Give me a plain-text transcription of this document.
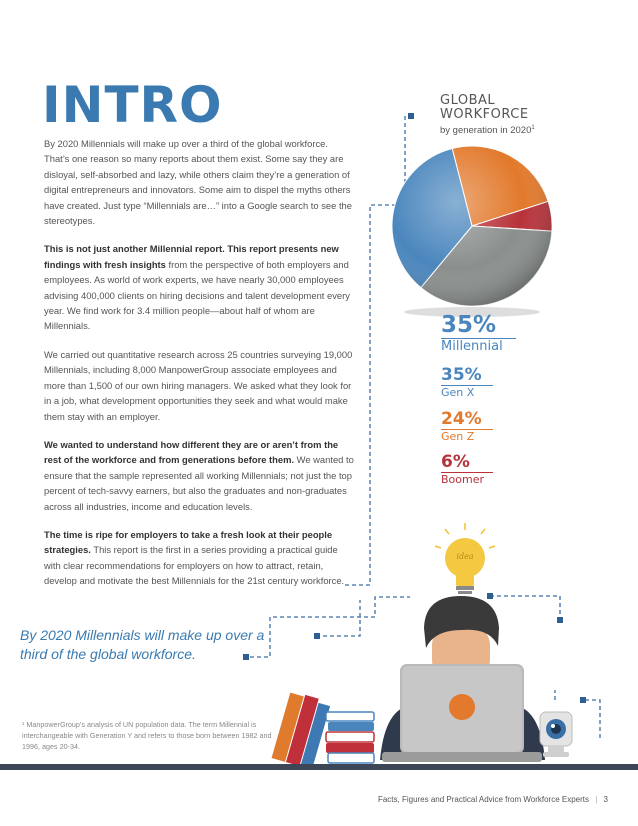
INTRO

By 2020 Millennials will make up over a third of the global workforce. That’s one reason so many reports about them exist. Some say they are disloyal, self-absorbed and lazy, while others claim they’re a generation of digital entrepreneurs and innovators. Some aim to dispel the myths others have created. Just type “Millennials are…” into a Google search to see the stereotypes.

This is not just another Millennial report. This report presents new findings with fresh insights from the perspective of both employers and employees. As world of work experts, we have nearly 30,000 employees advising 400,000 clients on hiring decisions and talent development every year. We find work for 3.4 million people—about half of whom are Millennials.

We carried out quantitative research across 25 countries surveying 19,000 Millennials, including 8,000 ManpowerGroup associate employees and more than 1,500 of our own hiring managers. We asked what they look for in a job, what development opportunities they seek and what would make them stay with an employer.

We wanted to understand how different they are or aren’t from the rest of the workforce and from generations before them. We wanted to ensure that the sample represented all working Millennials; not just the top percent of tech-savvy earners, but also the graduates and non-graduates across all industries, income and education levels.

The time is ripe for employers to take a fresh look at their people strategies. This report is the first in a series providing a practical guide with clear recommendations for employers on how to attract, retain, develop and motivate the best Millennials for the 21st century workforce.

GLOBAL
WORKFORCE
by generation in 2020$^1$
35%
Millennial
35%
Gen X
24%
Gen Z
6%
Boomer
idea
By 2020 Millennials will make up over a third of the global workforce.
¹ ManpowerGroup’s analysis of UN population data. The term Millennial is interchangeable with Generation Y and refers to those born between 1982 and 1996, ages 20-34.
Facts, Figures and Practical Advice from Workforce Experts | 3
